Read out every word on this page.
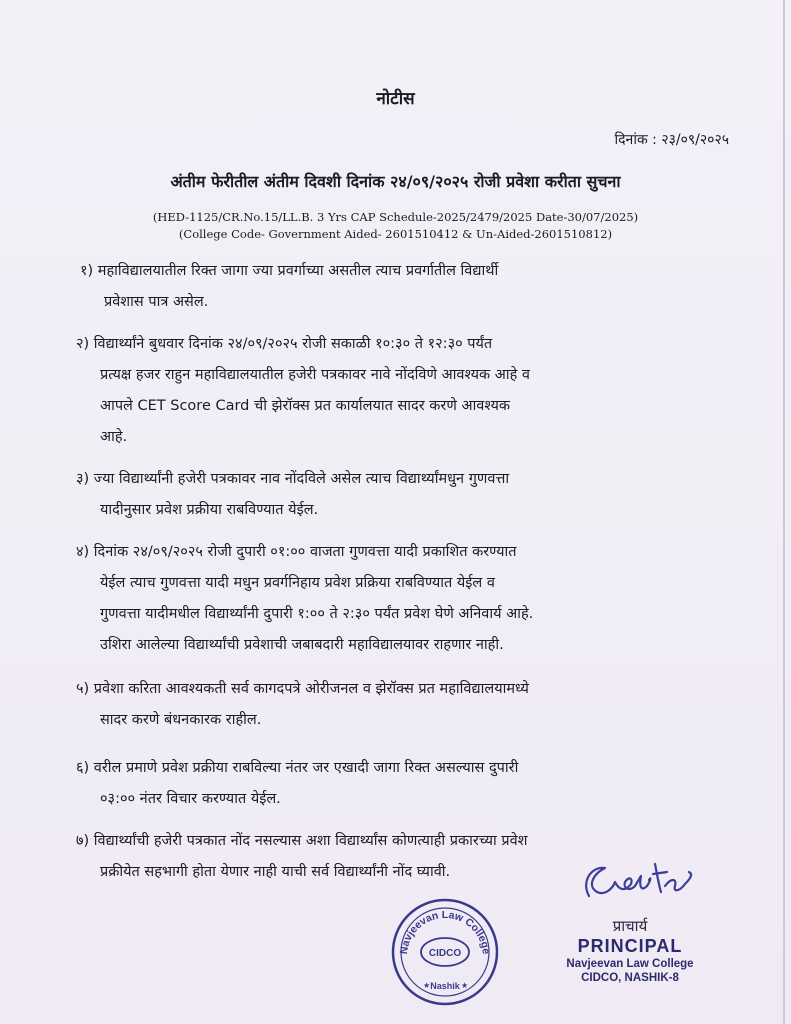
नोटीस
दिनांक : २३/०९/२०२५
अंतीम फेरीतील अंतीम दिवशी दिनांक २४/०९/२०२५ रोजी प्रवेशा करीता सुचना
(HED-1125/CR.No.15/LL.B. 3 Yrs CAP Schedule-2025/2479/2025 Date-30/07/2025)
(College Code- Government Aided- 2601510412 & Un-Aided-2601510812)
१) महाविद्यालयातील रिक्त जागा ज्या प्रवर्गाच्या असतील त्याच प्रवर्गातील विद्यार्थी
प्रवेशास पात्र असेल.
२) विद्यार्थ्यांने बुधवार दिनांक २४/०९/२०२५ रोजी सकाळी १०:३० ते १२:३० पर्यंत
प्रत्यक्ष हजर राहुन महाविद्यालयातील हजेरी पत्रकावर नावे नोंदविणे आवश्यक आहे व
आपले CET Score Card ची झेरॉक्स प्रत कार्यालयात सादर करणे आवश्यक
आहे.
३) ज्या विद्यार्थ्यांनी हजेरी पत्रकावर नाव नोंदविले असेल त्याच विद्यार्थ्यांमधुन गुणवत्ता
यादीनुसार प्रवेश प्रक्रीया राबविण्यात येईल.
४) दिनांक २४/०९/२०२५ रोजी दुपारी ०१:०० वाजता गुणवत्ता यादी प्रकाशित करण्यात
येईल त्याच गुणवत्ता यादी मधुन प्रवर्गनिहाय प्रवेश प्रक्रिया राबविण्यात येईल व
गुणवत्ता यादीमधील विद्यार्थ्यांनी दुपारी १:०० ते २:३० पर्यंत प्रवेश घेणे अनिवार्य आहे.
उशिरा आलेल्या विद्यार्थ्यांची प्रवेशाची जबाबदारी महाविद्यालयावर राहणार नाही.
५) प्रवेशा करिता आवश्यकती सर्व कागदपत्रे ओरीजनल व झेरॉक्स प्रत महाविद्यालयामध्ये
सादर करणे बंधनकारक राहील.
६) वरील प्रमाणे प्रवेश प्रक्रीया राबविल्या नंतर जर एखादी जागा रिक्त असल्यास दुपारी
०३:०० नंतर विचार करण्यात येईल.
७) विद्यार्थ्यांची हजेरी पत्रकात नोंद नसल्यास अशा विद्यार्थ्यांस कोणत्याही प्रकारच्या प्रवेश
प्रक्रीयेत सहभागी होता येणार नाही याची सर्व विद्यार्थ्यांनी नोंद घ्यावी.
Navjeevan Law College
CIDCO
Nashik
★	★
प्राचार्य
PRINCIPAL
Navjeevan Law College
CIDCO, NASHIK-8
